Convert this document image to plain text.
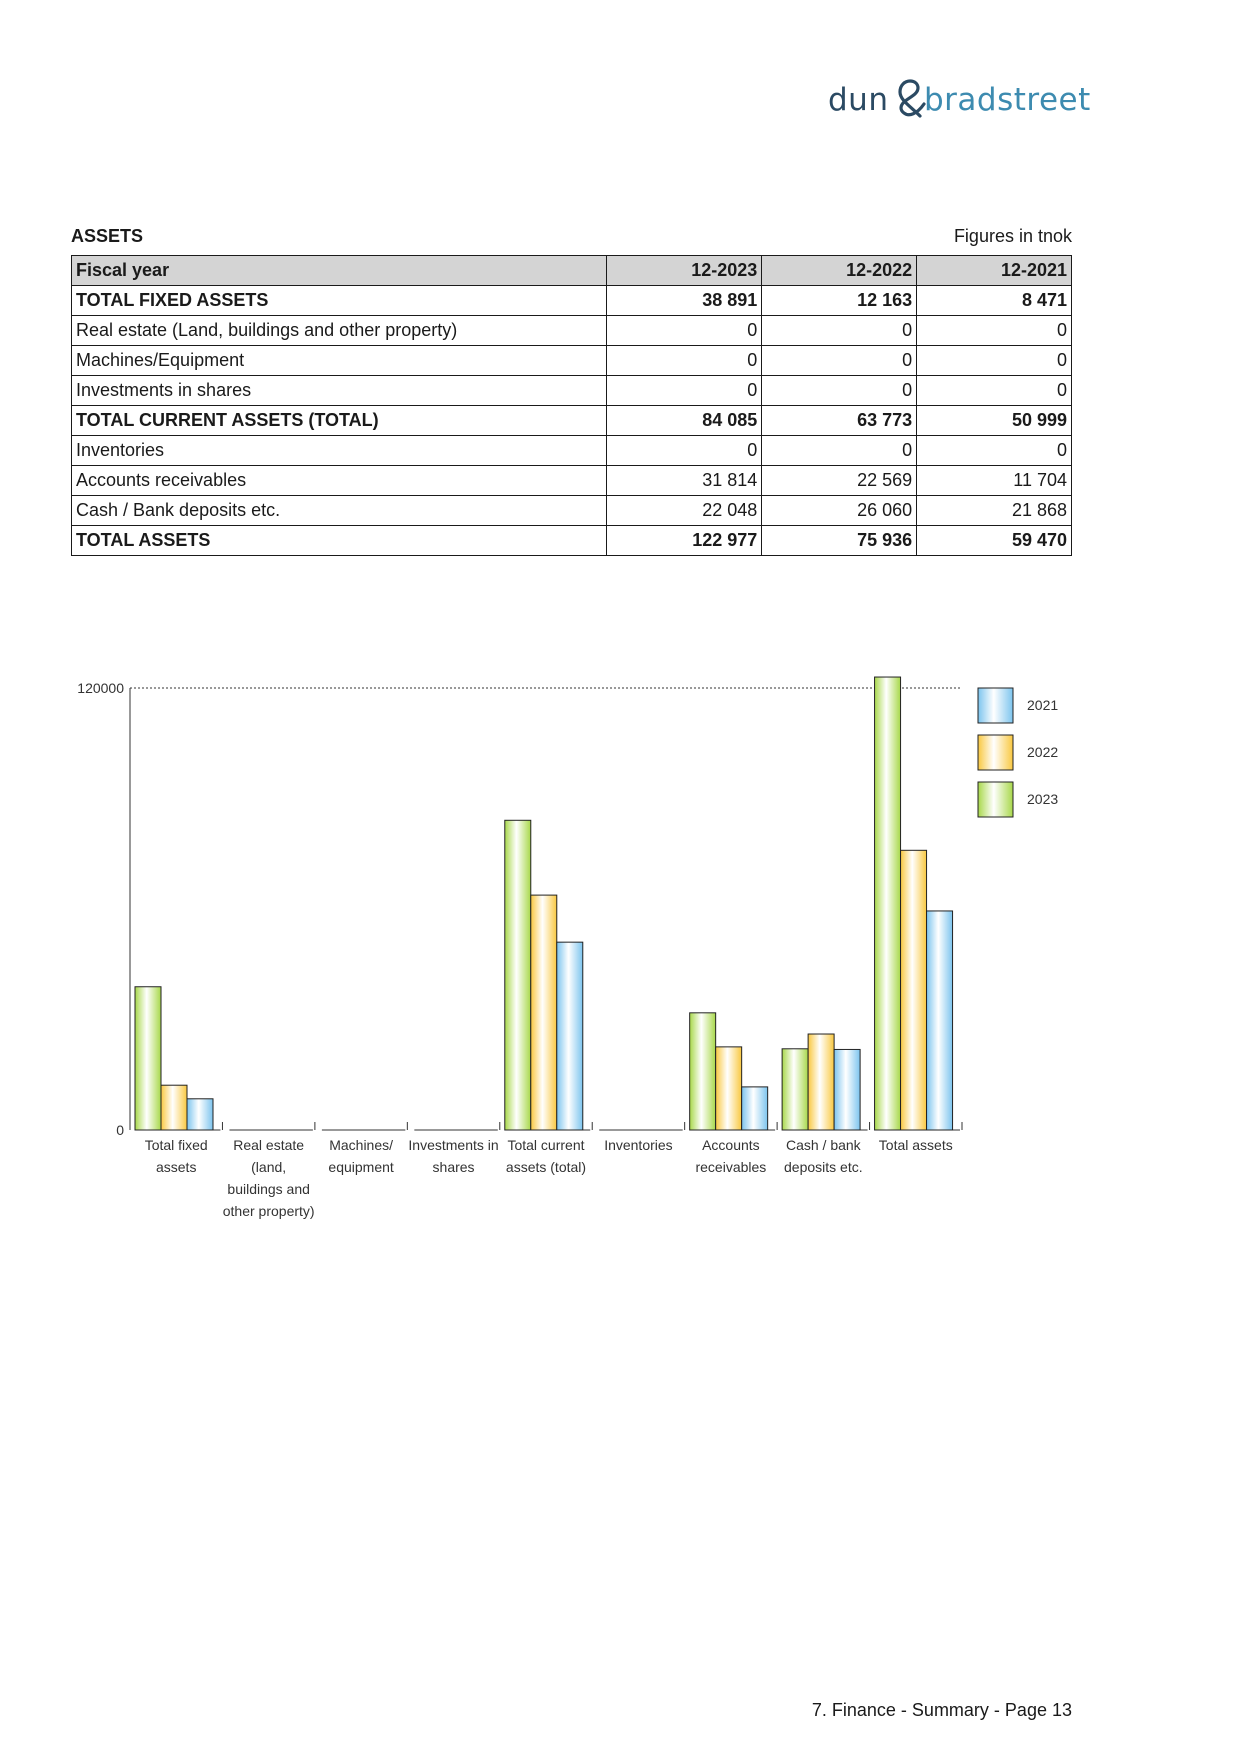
dun bradstreet
ASSETS	Figures in tnok
Fiscal year	12-2023	12-2022	12-2021
TOTAL FIXED ASSETS	38 891	12 163	8 471
Real estate (Land, buildings and other property)	0	0	0
Machines/Equipment	0	0	0
Investments in shares	0	0	0
TOTAL CURRENT ASSETS (TOTAL)	84 085	63 773	50 999
Inventories	0	0	0
Accounts receivables	31 814	22 569	11 704
Cash / Bank deposits etc.	22 048	26 060	21 868
TOTAL ASSETS	122 977	75 936	59 470
120000
0
Total fixed assets
Real estate (land, buildings and other property)
Machines/ equipment
Investments in shares
Total current assets (total)
Inventories	Accounts receivables
Cash / bank deposits etc.
Total assets
2021
2022
2023
7. Finance - Summary - Page 13
